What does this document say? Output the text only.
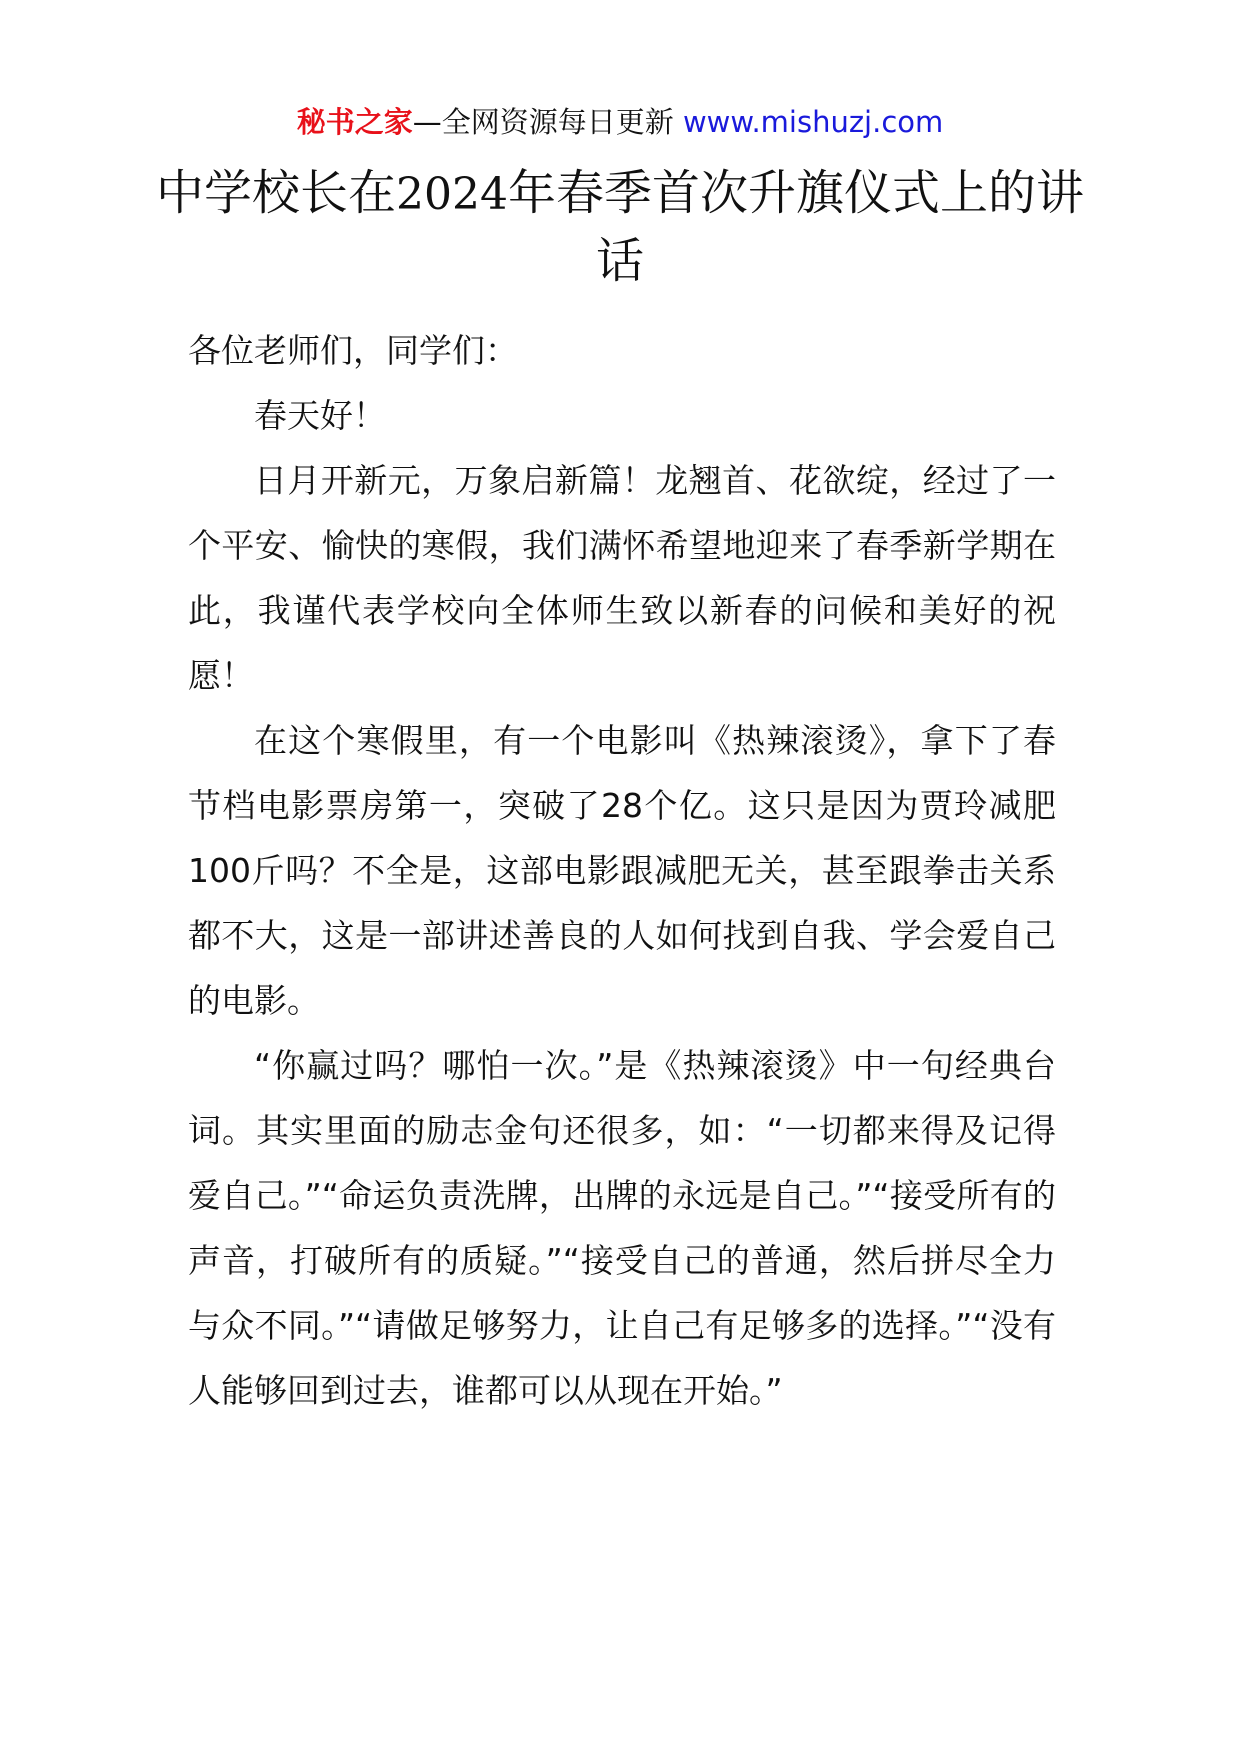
秘书之家—全网资源每日更新 www.mishuzj.com
中学校长在2024年春季首次升旗仪式上的讲话

各位老师们，同学们：

春天好！

日月开新元，万象启新篇！龙翘首、花欲绽，经过了一个平安、愉快的寒假，我们满怀希望地迎来了春季新学期在此，我谨代表学校向全体师生致以新春的问候和美好的祝愿！

在这个寒假里，有一个电影叫《热辣滚烫》，拿下了春节档电影票房第一，突破了28个亿。这只是因为贾玲减肥100斤吗？不全是，这部电影跟减肥无关，甚至跟拳击关系都不大，这是一部讲述善良的人如何找到自我、学会爱自己的电影。

“你赢过吗？哪怕一次。”是《热辣滚烫》中一句经典台词。其实里面的励志金句还很多，如：“一切都来得及记得爱自己。”“命运负责洗牌，出牌的永远是自己。”“接受所有的声音，打破所有的质疑。”“接受自己的普通，然后拼尽全力与众不同。”“请做足够努力，让自己有足够多的选择。”“没有人能够回到过去，谁都可以从现在开始。”
